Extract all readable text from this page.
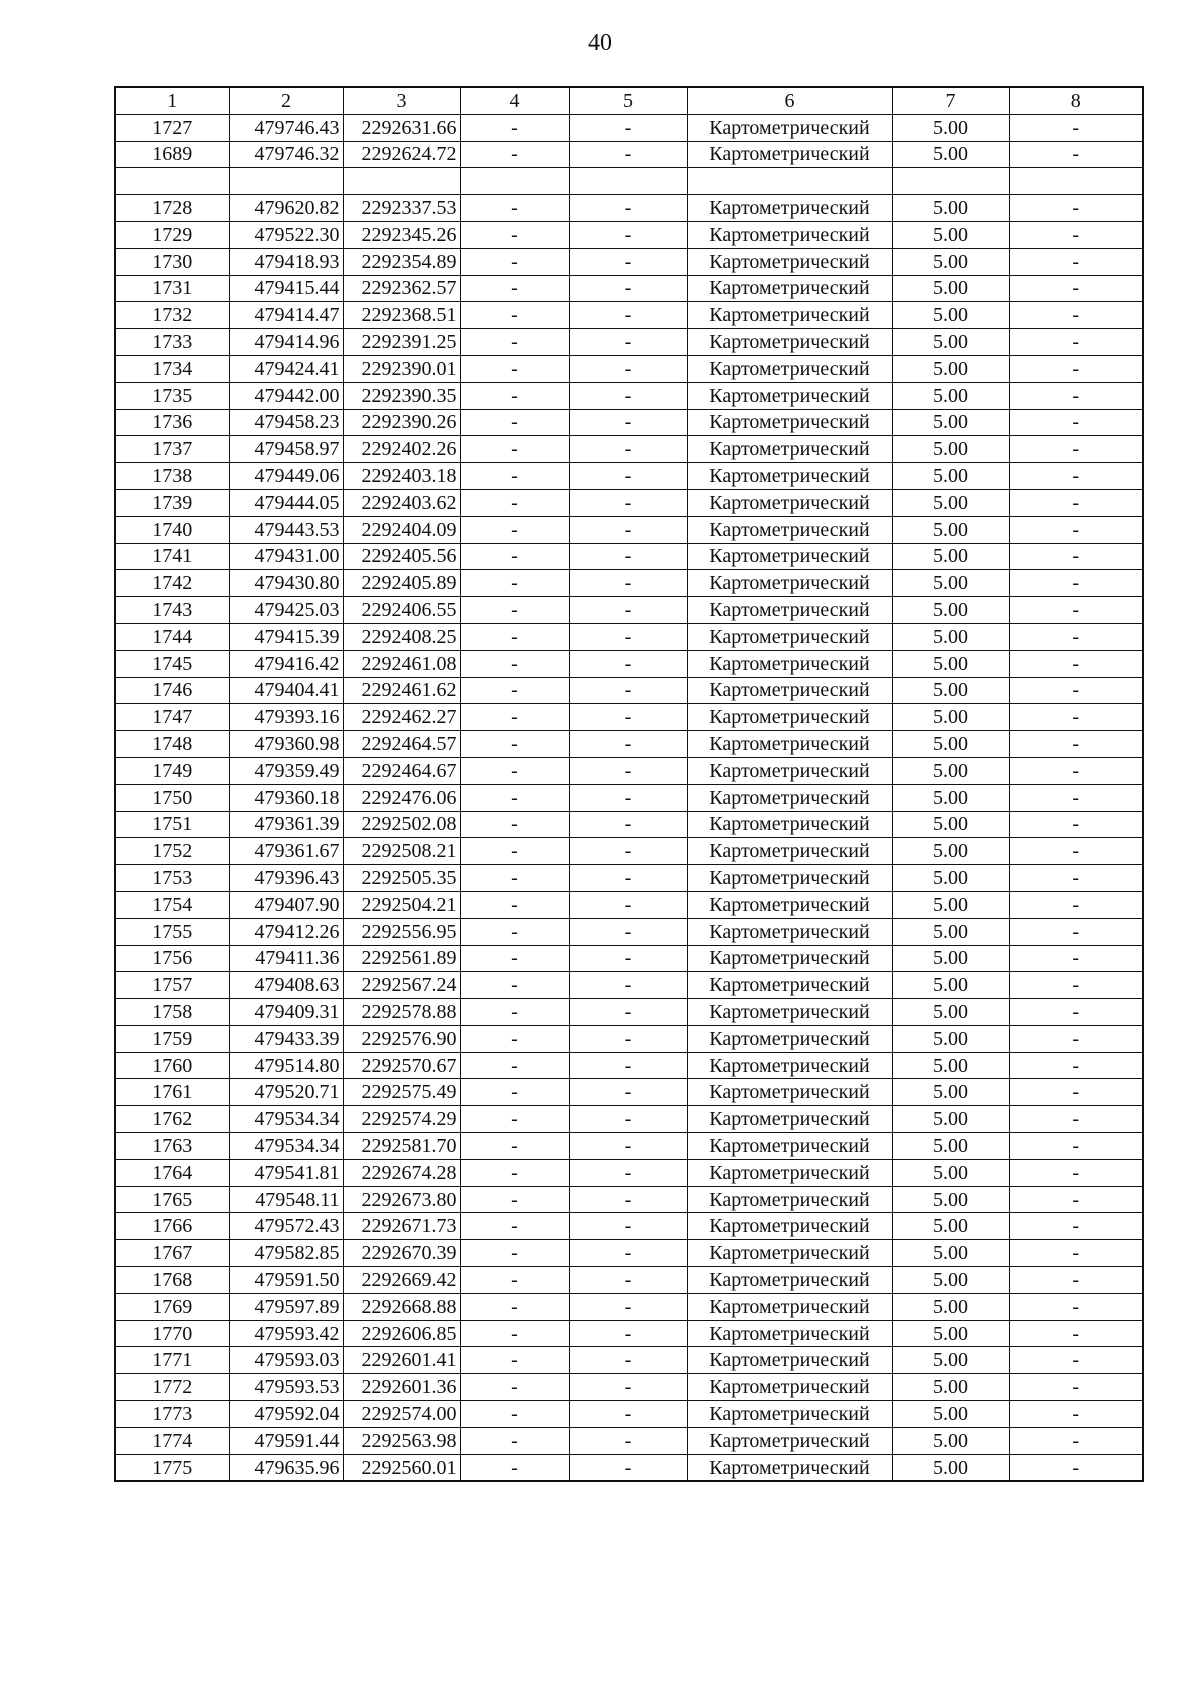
40
1	2	3	4	5	6	7	8
1727	479746.43	2292631.66	-	-	Картометрический	5.00	-
1689	479746.32	2292624.72	-	-	Картометрический	5.00	-

1728	479620.82	2292337.53	-	-	Картометрический	5.00	-
1729	479522.30	2292345.26	-	-	Картометрический	5.00	-
1730	479418.93	2292354.89	-	-	Картометрический	5.00	-
1731	479415.44	2292362.57	-	-	Картометрический	5.00	-
1732	479414.47	2292368.51	-	-	Картометрический	5.00	-
1733	479414.96	2292391.25	-	-	Картометрический	5.00	-
1734	479424.41	2292390.01	-	-	Картометрический	5.00	-
1735	479442.00	2292390.35	-	-	Картометрический	5.00	-
1736	479458.23	2292390.26	-	-	Картометрический	5.00	-
1737	479458.97	2292402.26	-	-	Картометрический	5.00	-
1738	479449.06	2292403.18	-	-	Картометрический	5.00	-
1739	479444.05	2292403.62	-	-	Картометрический	5.00	-
1740	479443.53	2292404.09	-	-	Картометрический	5.00	-
1741	479431.00	2292405.56	-	-	Картометрический	5.00	-
1742	479430.80	2292405.89	-	-	Картометрический	5.00	-
1743	479425.03	2292406.55	-	-	Картометрический	5.00	-
1744	479415.39	2292408.25	-	-	Картометрический	5.00	-
1745	479416.42	2292461.08	-	-	Картометрический	5.00	-
1746	479404.41	2292461.62	-	-	Картометрический	5.00	-
1747	479393.16	2292462.27	-	-	Картометрический	5.00	-
1748	479360.98	2292464.57	-	-	Картометрический	5.00	-
1749	479359.49	2292464.67	-	-	Картометрический	5.00	-
1750	479360.18	2292476.06	-	-	Картометрический	5.00	-
1751	479361.39	2292502.08	-	-	Картометрический	5.00	-
1752	479361.67	2292508.21	-	-	Картометрический	5.00	-
1753	479396.43	2292505.35	-	-	Картометрический	5.00	-
1754	479407.90	2292504.21	-	-	Картометрический	5.00	-
1755	479412.26	2292556.95	-	-	Картометрический	5.00	-
1756	479411.36	2292561.89	-	-	Картометрический	5.00	-
1757	479408.63	2292567.24	-	-	Картометрический	5.00	-
1758	479409.31	2292578.88	-	-	Картометрический	5.00	-
1759	479433.39	2292576.90	-	-	Картометрический	5.00	-
1760	479514.80	2292570.67	-	-	Картометрический	5.00	-
1761	479520.71	2292575.49	-	-	Картометрический	5.00	-
1762	479534.34	2292574.29	-	-	Картометрический	5.00	-
1763	479534.34	2292581.70	-	-	Картометрический	5.00	-
1764	479541.81	2292674.28	-	-	Картометрический	5.00	-
1765	479548.11	2292673.80	-	-	Картометрический	5.00	-
1766	479572.43	2292671.73	-	-	Картометрический	5.00	-
1767	479582.85	2292670.39	-	-	Картометрический	5.00	-
1768	479591.50	2292669.42	-	-	Картометрический	5.00	-
1769	479597.89	2292668.88	-	-	Картометрический	5.00	-
1770	479593.42	2292606.85	-	-	Картометрический	5.00	-
1771	479593.03	2292601.41	-	-	Картометрический	5.00	-
1772	479593.53	2292601.36	-	-	Картометрический	5.00	-
1773	479592.04	2292574.00	-	-	Картометрический	5.00	-
1774	479591.44	2292563.98	-	-	Картометрический	5.00	-
1775	479635.96	2292560.01	-	-	Картометрический	5.00	-
